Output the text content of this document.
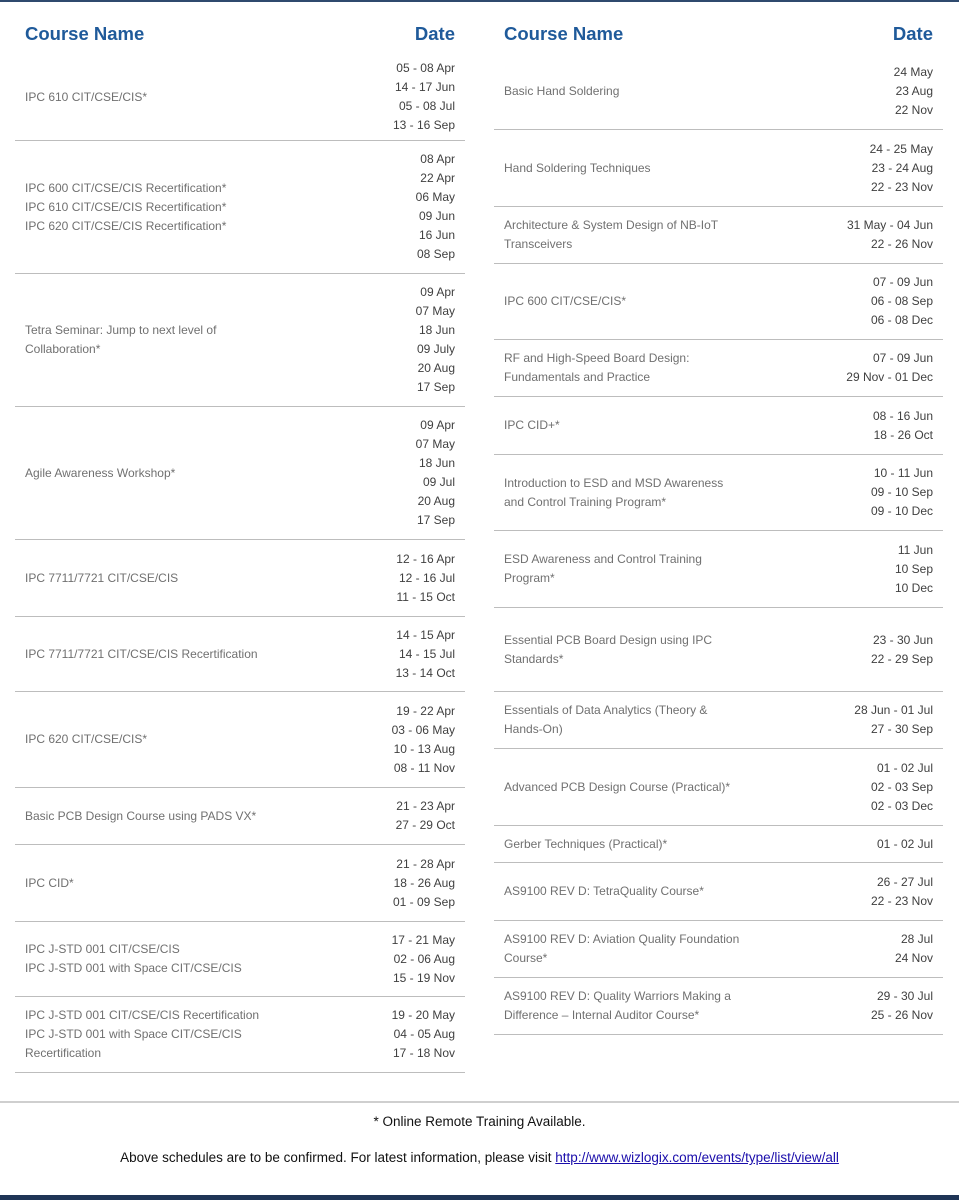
Course Name	Date
IPC 610 CIT/CSE/CIS*
05 - 08 Apr
14 - 17 Jun
05 - 08 Jul
13 - 16 Sep
IPC 600 CIT/CSE/CIS Recertification*
IPC 610 CIT/CSE/CIS Recertification*
IPC 620 CIT/CSE/CIS Recertification*
08 Apr
22 Apr
06 May
09 Jun
16 Jun
08 Sep
Tetra Seminar: Jump to next level of
Collaboration*
09 Apr
07 May
18 Jun
09 July
20 Aug
17 Sep
Agile Awareness Workshop*
09 Apr
07 May
18 Jun
09 Jul
20 Aug
17 Sep
IPC 7711/7721 CIT/CSE/CIS
12 - 16 Apr
12 - 16 Jul
11 - 15 Oct
IPC 7711/7721 CIT/CSE/CIS Recertification
14 - 15 Apr
14 - 15 Jul
13 - 14 Oct
IPC 620 CIT/CSE/CIS*
19 - 22 Apr
03 - 06 May
10 - 13 Aug
08 - 11 Nov
Basic PCB Design Course using PADS VX*
21 - 23 Apr
27 - 29 Oct
IPC CID*
21 - 28 Apr
18 - 26 Aug
01 - 09 Sep
IPC J-STD 001 CIT/CSE/CIS
IPC J-STD 001 with Space CIT/CSE/CIS
17 - 21 May
02 - 06 Aug
15 - 19 Nov
IPC J-STD 001 CIT/CSE/CIS Recertification
IPC J-STD 001 with Space CIT/CSE/CIS
Recertification
19 - 20 May
04 - 05 Aug
17 - 18 Nov
Course Name	Date
Basic Hand Soldering
24 May
23 Aug
22 Nov
Hand Soldering Techniques
24 - 25 May
23 - 24 Aug
22 - 23 Nov
Architecture & System Design of NB-IoT
Transceivers
31 May - 04 Jun
22 - 26 Nov
IPC 600 CIT/CSE/CIS*
07 - 09 Jun
06 - 08 Sep
06 - 08 Dec
RF and High-Speed Board Design:
Fundamentals and Practice
07 - 09 Jun
29 Nov - 01 Dec
IPC CID+*
08 - 16 Jun
18 - 26 Oct
Introduction to ESD and MSD Awareness
and Control Training Program*
10 - 11 Jun
09 - 10 Sep
09 - 10 Dec
ESD Awareness and Control Training
Program*
11 Jun
10 Sep
10 Dec
Essential PCB Board Design using IPC
Standards*
23 - 30 Jun
22 - 29 Sep
Essentials of Data Analytics (Theory &
Hands-On)
28 Jun - 01 Jul
27 - 30 Sep
Advanced PCB Design Course (Practical)*
01 - 02 Jul
02 - 03 Sep
02 - 03 Dec
Gerber Techniques (Practical)*	01 - 02 Jul
AS9100 REV D: TetraQuality Course*
26 - 27 Jul
22 - 23 Nov
AS9100 REV D: Aviation Quality Foundation
Course*
28 Jul
24 Nov
AS9100 REV D: Quality Warriors Making a
Difference – Internal Auditor Course*
29 - 30 Jul
25 - 26 Nov
* Online Remote Training Available.
Above schedules are to be confirmed. For latest information, please visit http://www.wizlogix.com/events/type/list/view/all
